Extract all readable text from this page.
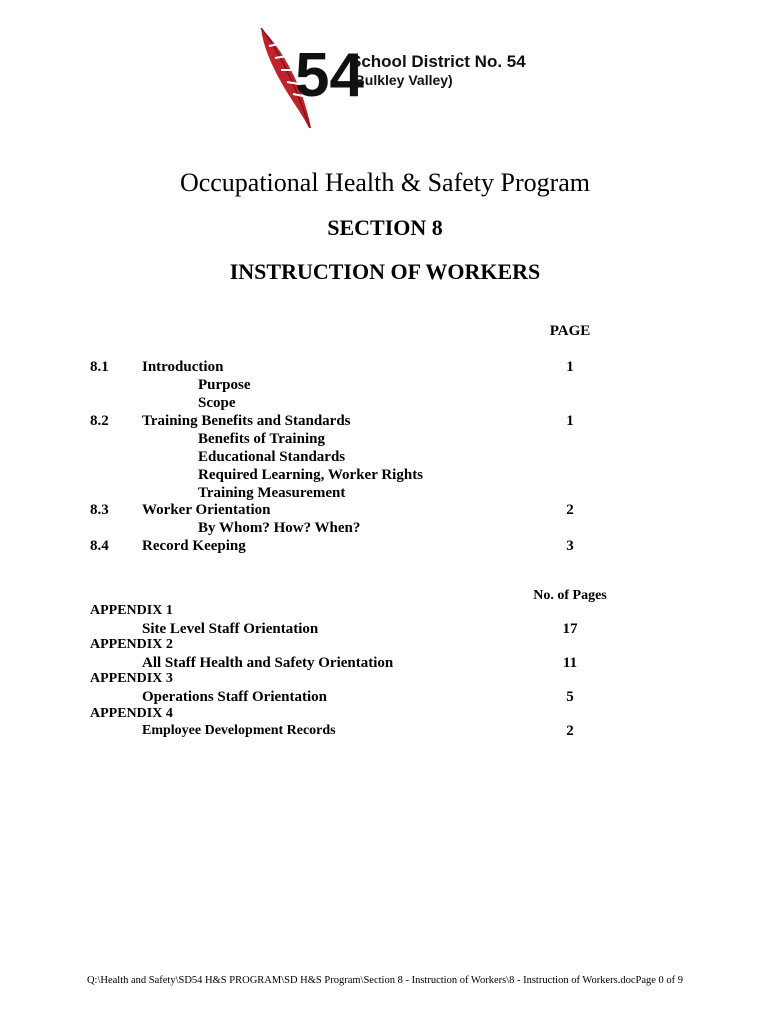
54
School District No. 54
(Bulkley Valley)
Occupational Health & Safety Program
SECTION 8
INSTRUCTION OF WORKERS
PAGE
8.1 Introduction	1
Purpose
Scope
8.2 Training Benefits and Standards	1
Benefits of Training
Educational Standards
Required Learning, Worker Rights
Training Measurement
8.3 Worker Orientation	2
By Whom? How? When?
8.4 Record Keeping	3
No. of Pages
APPENDIX 1
Site Level Staff Orientation	17
APPENDIX 2
All Staff Health and Safety Orientation	11
APPENDIX 3
Operations Staff Orientation	5
APPENDIX 4
Employee Development Records	2
Q:\Health and Safety\SD54 H&S PROGRAM\SD H&S Program\Section 8 - Instruction of Workers\8 - Instruction of Workers.docPage 0 of 9
